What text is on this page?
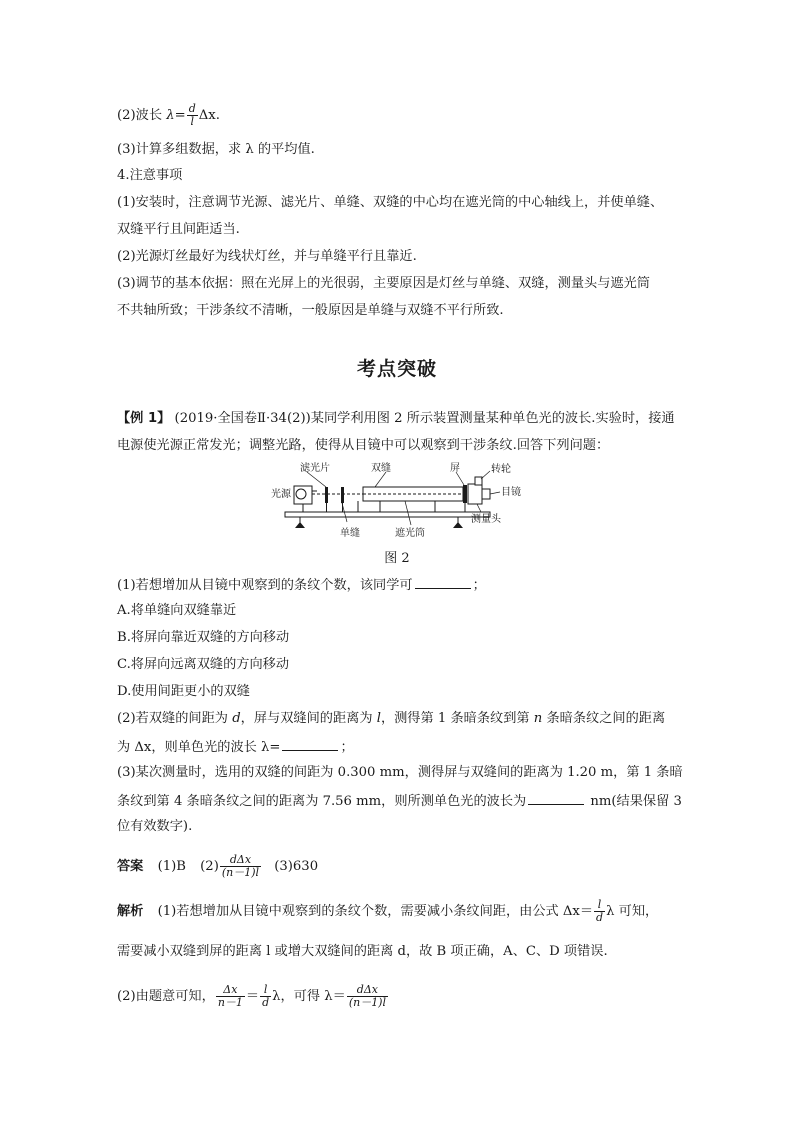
(2)波长 $\lambda= \frac{d}{l} \Delta x$.
(3)计算多组数据，求 λ 的平均值.
4.注意事项
(1)安装时，注意调节光源、滤光片、单缝、双缝的中心均在遮光筒的中心轴线上，并使单缝、
双缝平行且间距适当.
(2)光源灯丝最好为线状灯丝，并与单缝平行且靠近.
(3)调节的基本依据：照在光屏上的光很弱，主要原因是灯丝与单缝、双缝，测量头与遮光筒
不共轴所致；干涉条纹不清晰，一般原因是单缝与双缝不平行所致.
考点突破
【例 1】 (2019·全国卷Ⅱ·34(2))某同学利用图 2 所示装置测量某种单色光的波长.实验时，接通
电源使光源正常发光；调整光路，使得从目镜中可以观察到干涉条纹.回答下列问题：
光源
滤光片
单缝
双缝
遮光筒
屏	转轮
目镜
测量头
图 2
(1)若想增加从目镜中观察到的条纹个数，该同学可	；
A.将单缝向双缝靠近
B.将屏向靠近双缝的方向移动
C.将屏向远离双缝的方向移动
D.使用间距更小的双缝
(2)若双缝的间距为 d，屏与双缝间的距离为 l，测得第 1 条暗条纹到第 n 条暗条纹之间的距离
为 Δx，则单色光的波长 λ=	；
(3)某次测量时，选用的双缝的间距为 0.300 mm，测得屏与双缝间的距离为 1.20 m，第 1 条暗
条纹到第 4 条暗条纹之间的距离为 7.56 mm，则所测单色光的波长为	nm(结果保留 3
位有效数字).
答案 (1)B $(2) \frac{\text{dΔx}}{(n-1)l} (3)630$
解析 (1)若想增加从目镜中观察到的条纹个数，需要减小条纹间距，由公式 $\Delta x= \frac{l}{d}$ λ 可知，
需要减小双缝到屏的距离 l 或增大双缝间的距离 d，故 B 项正确，A、C、D 项错误.
(2)由题意可知， $\frac{\Delta x}{n-1} = \frac{l}{d}$ λ，可得 $\lambda= \frac{\text{dΔx}}{(n-1)l}$
